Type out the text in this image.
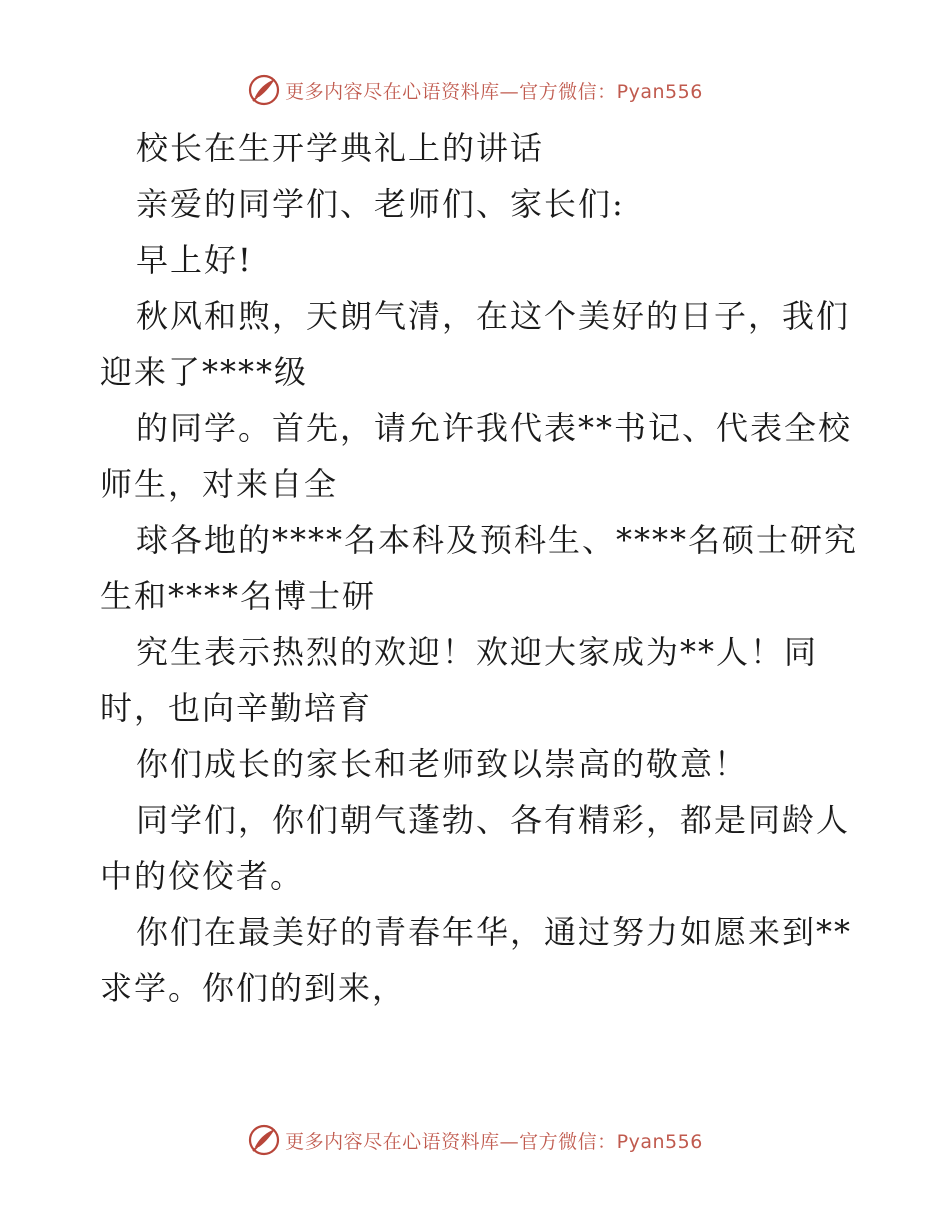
更多内容尽在心语资料库—官方微信：Pyan556
校长在生开学典礼上的讲话
亲爱的同学们、老师们、家长们:
早上好!
秋风和煦，天朗气清，在这个美好的日子，我们
迎来了****级
的同学。首先，请允许我代表**书记、代表全校
师生，对来自全
球各地的****名本科及预科生、****名硕士研究
生和****名博士研
究生表示热烈的欢迎！欢迎大家成为**人！同
时，也向辛勤培育
你们成长的家长和老师致以崇高的敬意！
同学们，你们朝气蓬勃、各有精彩，都是同龄人
中的佼佼者。
你们在最美好的青春年华，通过努力如愿来到**
求学。你们的到来，
更多内容尽在心语资料库—官方微信：Pyan556
